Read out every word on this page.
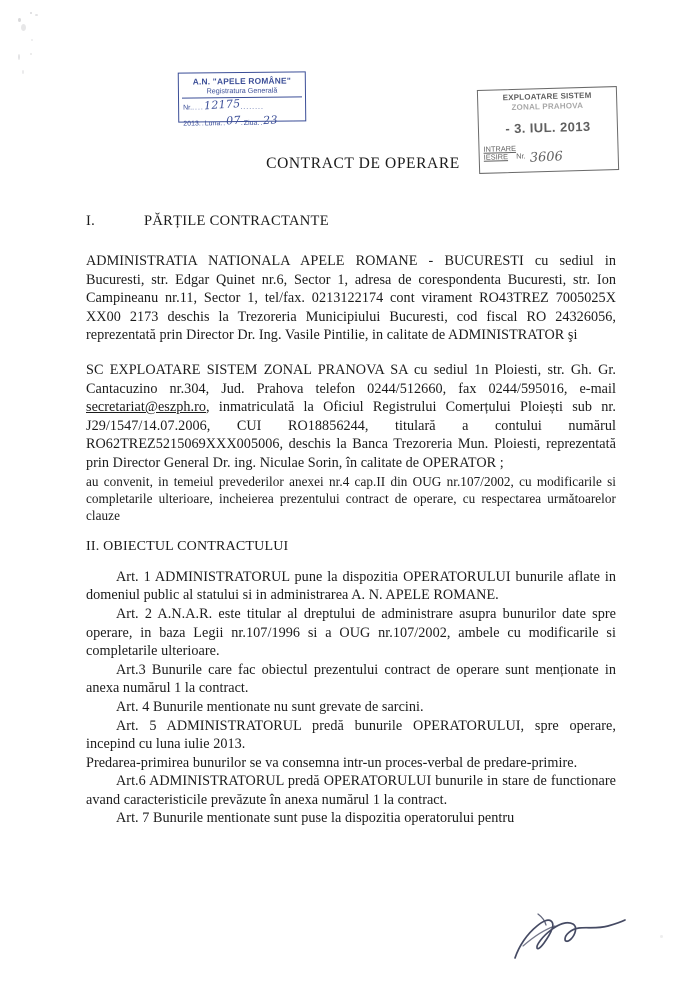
A.N. "APELE ROMÂNE"
Registratura Generală
Nr.....12175........
2013..Luna..07.Ziua..23
EXPLOATARE SISTEM
ZONAL PRAHOVA
- 3. IUL. 2013
INTRARE
IESIRE	Nr. 3606
CONTRACT DE OPERARE
I.	PĂRȚILE CONTRACTANTE

ADMINISTRATIA NATIONALA APELE ROMANE - BUCURESTI cu sediul in Bucuresti, str. Edgar Quinet nr.6, Sector 1, adresa de corespondenta Bucuresti, str. Ion Campineanu nr.11, Sector 1, tel/fax. 0213122174 cont virament RO43TREZ 7005025X XX00 2173 deschis la Trezoreria Municipiului Bucuresti, cod fiscal RO 24326056, reprezentată prin Director Dr. Ing. Vasile Pintilie, in calitate de ADMINISTRATOR şi

SC EXPLOATARE SISTEM ZONAL PRANOVA SA cu sediul 1n Ploiesti, str. Gh. Gr. Cantacuzino nr.304, Jud. Prahova telefon 0244/512660, fax 0244/595016, e-mail secretariat@eszph.ro, inmatriculată la Oficiul Registrului Comerțului Ploiești sub nr. J29/1547/14.07.2006, CUI RO18856244, titulară a contului numărul RO62TREZ5215069XXX005006, deschis la Banca Trezoreria Mun. Ploiesti, reprezentată prin Director General Dr. ing. Niculae Sorin, în calitate de OPERATOR ;

au convenit, in temeiul prevederilor anexei nr.4 cap.II din OUG nr.107/2002, cu modificarile si completarile ulterioare, incheierea prezentului contract de operare, cu respectarea următoarelor clauze

II. OBIECTUL CONTRACTULUI

Art. 1 ADMINISTRATORUL pune la dispozitia OPERATORULUI bunurile aflate in domeniul public al statului si in administrarea A. N. APELE ROMANE.

Art. 2 A.N.A.R. este titular al dreptului de administrare asupra bunurilor date spre operare, in baza Legii nr.107/1996 si a OUG nr.107/2002, ambele cu modificarile si completarile ulterioare.

Art.3 Bunurile care fac obiectul prezentului contract de operare sunt menționate in anexa numărul 1 la contract.

Art. 4 Bunurile mentionate nu sunt grevate de sarcini.

Art. 5 ADMINISTRATORUL predă bunurile OPERATORULUI, spre operare, incepind cu luna iulie 2013.

Predarea-primirea bunurilor se va consemna intr-un proces-verbal de predare-primire.

Art.6 ADMINISTRATORUL predă OPERATORULUI bunurile in stare de functionare avand caracteristicile prevăzute în anexa numărul 1 la contract.

Art. 7 Bunurile mentionate sunt puse la dispozitia operatorului pentru
